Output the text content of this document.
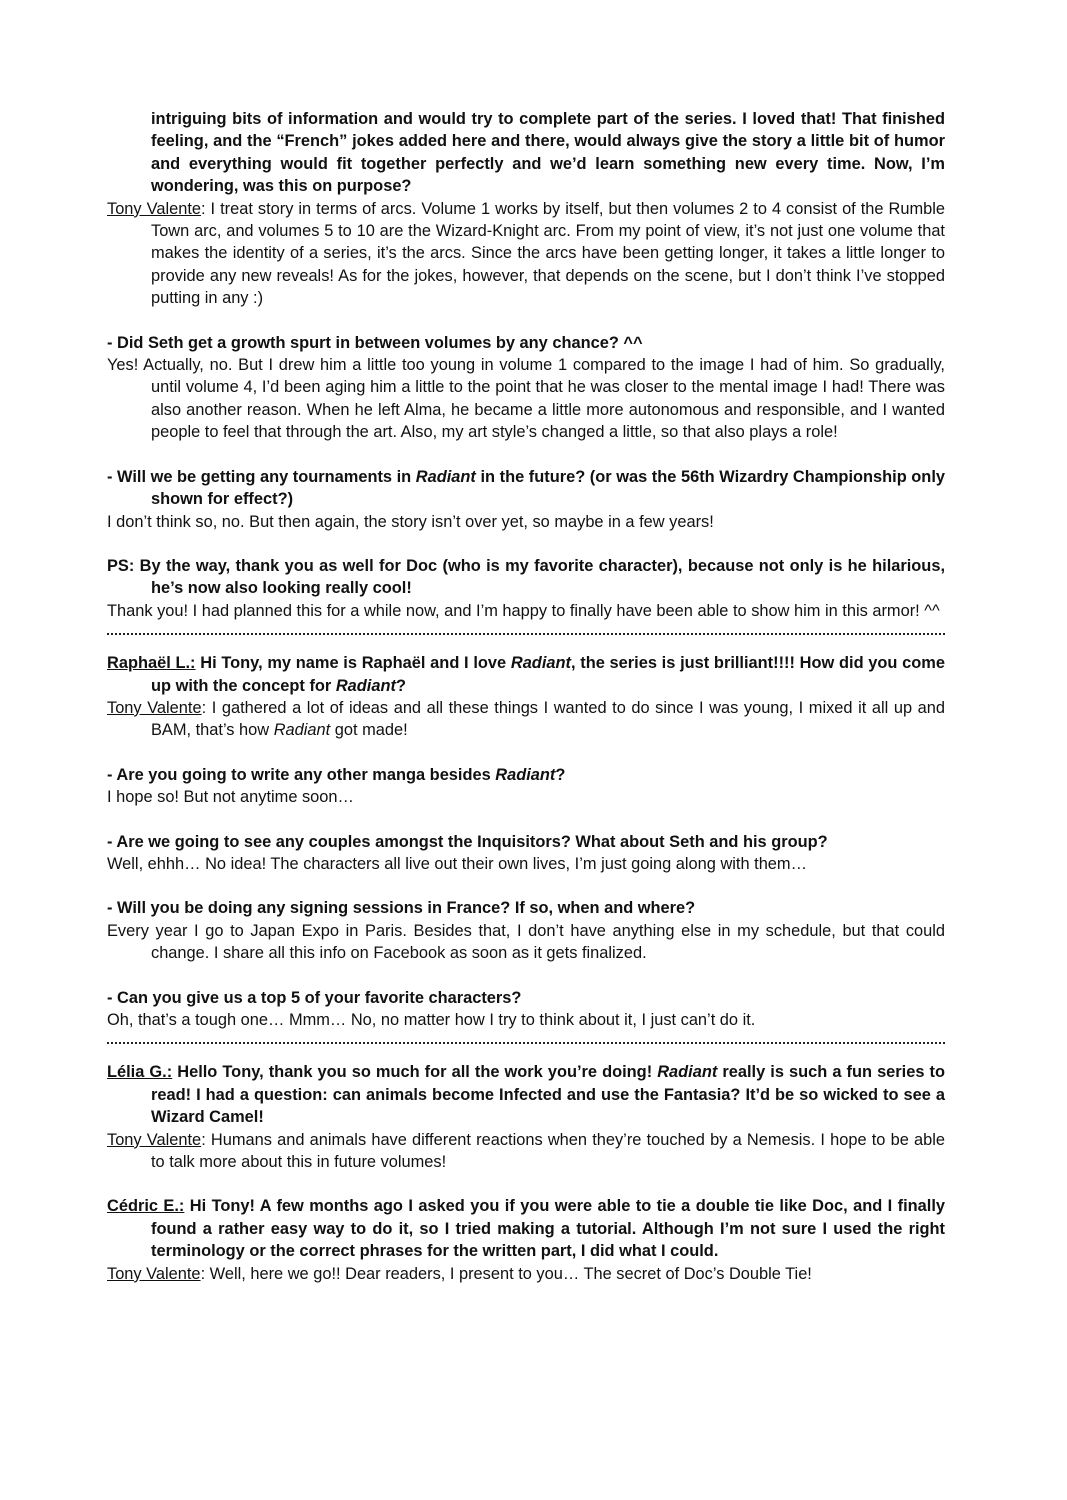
intriguing bits of information and would try to complete part of the series. I loved that! That finished feeling, and the “French” jokes added here and there, would always give the story a little bit of humor and everything would fit together perfectly and we’d learn something new every time. Now, I’m wondering, was this on purpose?

Tony Valente: I treat story in terms of arcs. Volume 1 works by itself, but then volumes 2 to 4 consist of the Rumble Town arc, and volumes 5 to 10 are the Wizard-Knight arc. From my point of view, it’s not just one volume that makes the identity of a series, it’s the arcs. Since the arcs have been getting longer, it takes a little longer to provide any new reveals! As for the jokes, however, that depends on the scene, but I don’t think I’ve stopped putting in any :)

- Did Seth get a growth spurt in between volumes by any chance? ^^

Yes! Actually, no. But I drew him a little too young in volume 1 compared to the image I had of him. So gradually, until volume 4, I’d been aging him a little to the point that he was closer to the mental image I had! There was also another reason. When he left Alma, he became a little more autonomous and responsible, and I wanted people to feel that through the art. Also, my art style’s changed a little, so that also plays a role!

- Will we be getting any tournaments in Radiant in the future? (or was the 56th Wizardry Championship only shown for effect?)

I don’t think so, no. But then again, the story isn’t over yet, so maybe in a few years!

PS: By the way, thank you as well for Doc (who is my favorite character), because not only is he hilarious, he’s now also looking really cool!

Thank you! I had planned this for a while now, and I’m happy to finally have been able to show him in this armor! ^^

Raphaël L.: Hi Tony, my name is Raphaël and I love Radiant, the series is just brilliant!!!! How did you come up with the concept for Radiant?

Tony Valente: I gathered a lot of ideas and all these things I wanted to do since I was young, I mixed it all up and BAM, that’s how Radiant got made!

- Are you going to write any other manga besides Radiant?

I hope so! But not anytime soon…

- Are we going to see any couples amongst the Inquisitors? What about Seth and his group?

Well, ehhh… No idea! The characters all live out their own lives, I’m just going along with them…

- Will you be doing any signing sessions in France? If so, when and where?

Every year I go to Japan Expo in Paris. Besides that, I don’t have anything else in my schedule, but that could change. I share all this info on Facebook as soon as it gets finalized.

- Can you give us a top 5 of your favorite characters?

Oh, that’s a tough one… Mmm… No, no matter how I try to think about it, I just can’t do it.

Lélia G.: Hello Tony, thank you so much for all the work you’re doing! Radiant really is such a fun series to read! I had a question: can animals become Infected and use the Fantasia? It’d be so wicked to see a Wizard Camel!

Tony Valente: Humans and animals have different reactions when they’re touched by a Nemesis. I hope to be able to talk more about this in future volumes!

Cédric E.: Hi Tony! A few months ago I asked you if you were able to tie a double tie like Doc, and I finally found a rather easy way to do it, so I tried making a tutorial. Although I’m not sure I used the right terminology or the correct phrases for the written part, I did what I could.

Tony Valente: Well, here we go!! Dear readers, I present to you… The secret of Doc’s Double Tie!
